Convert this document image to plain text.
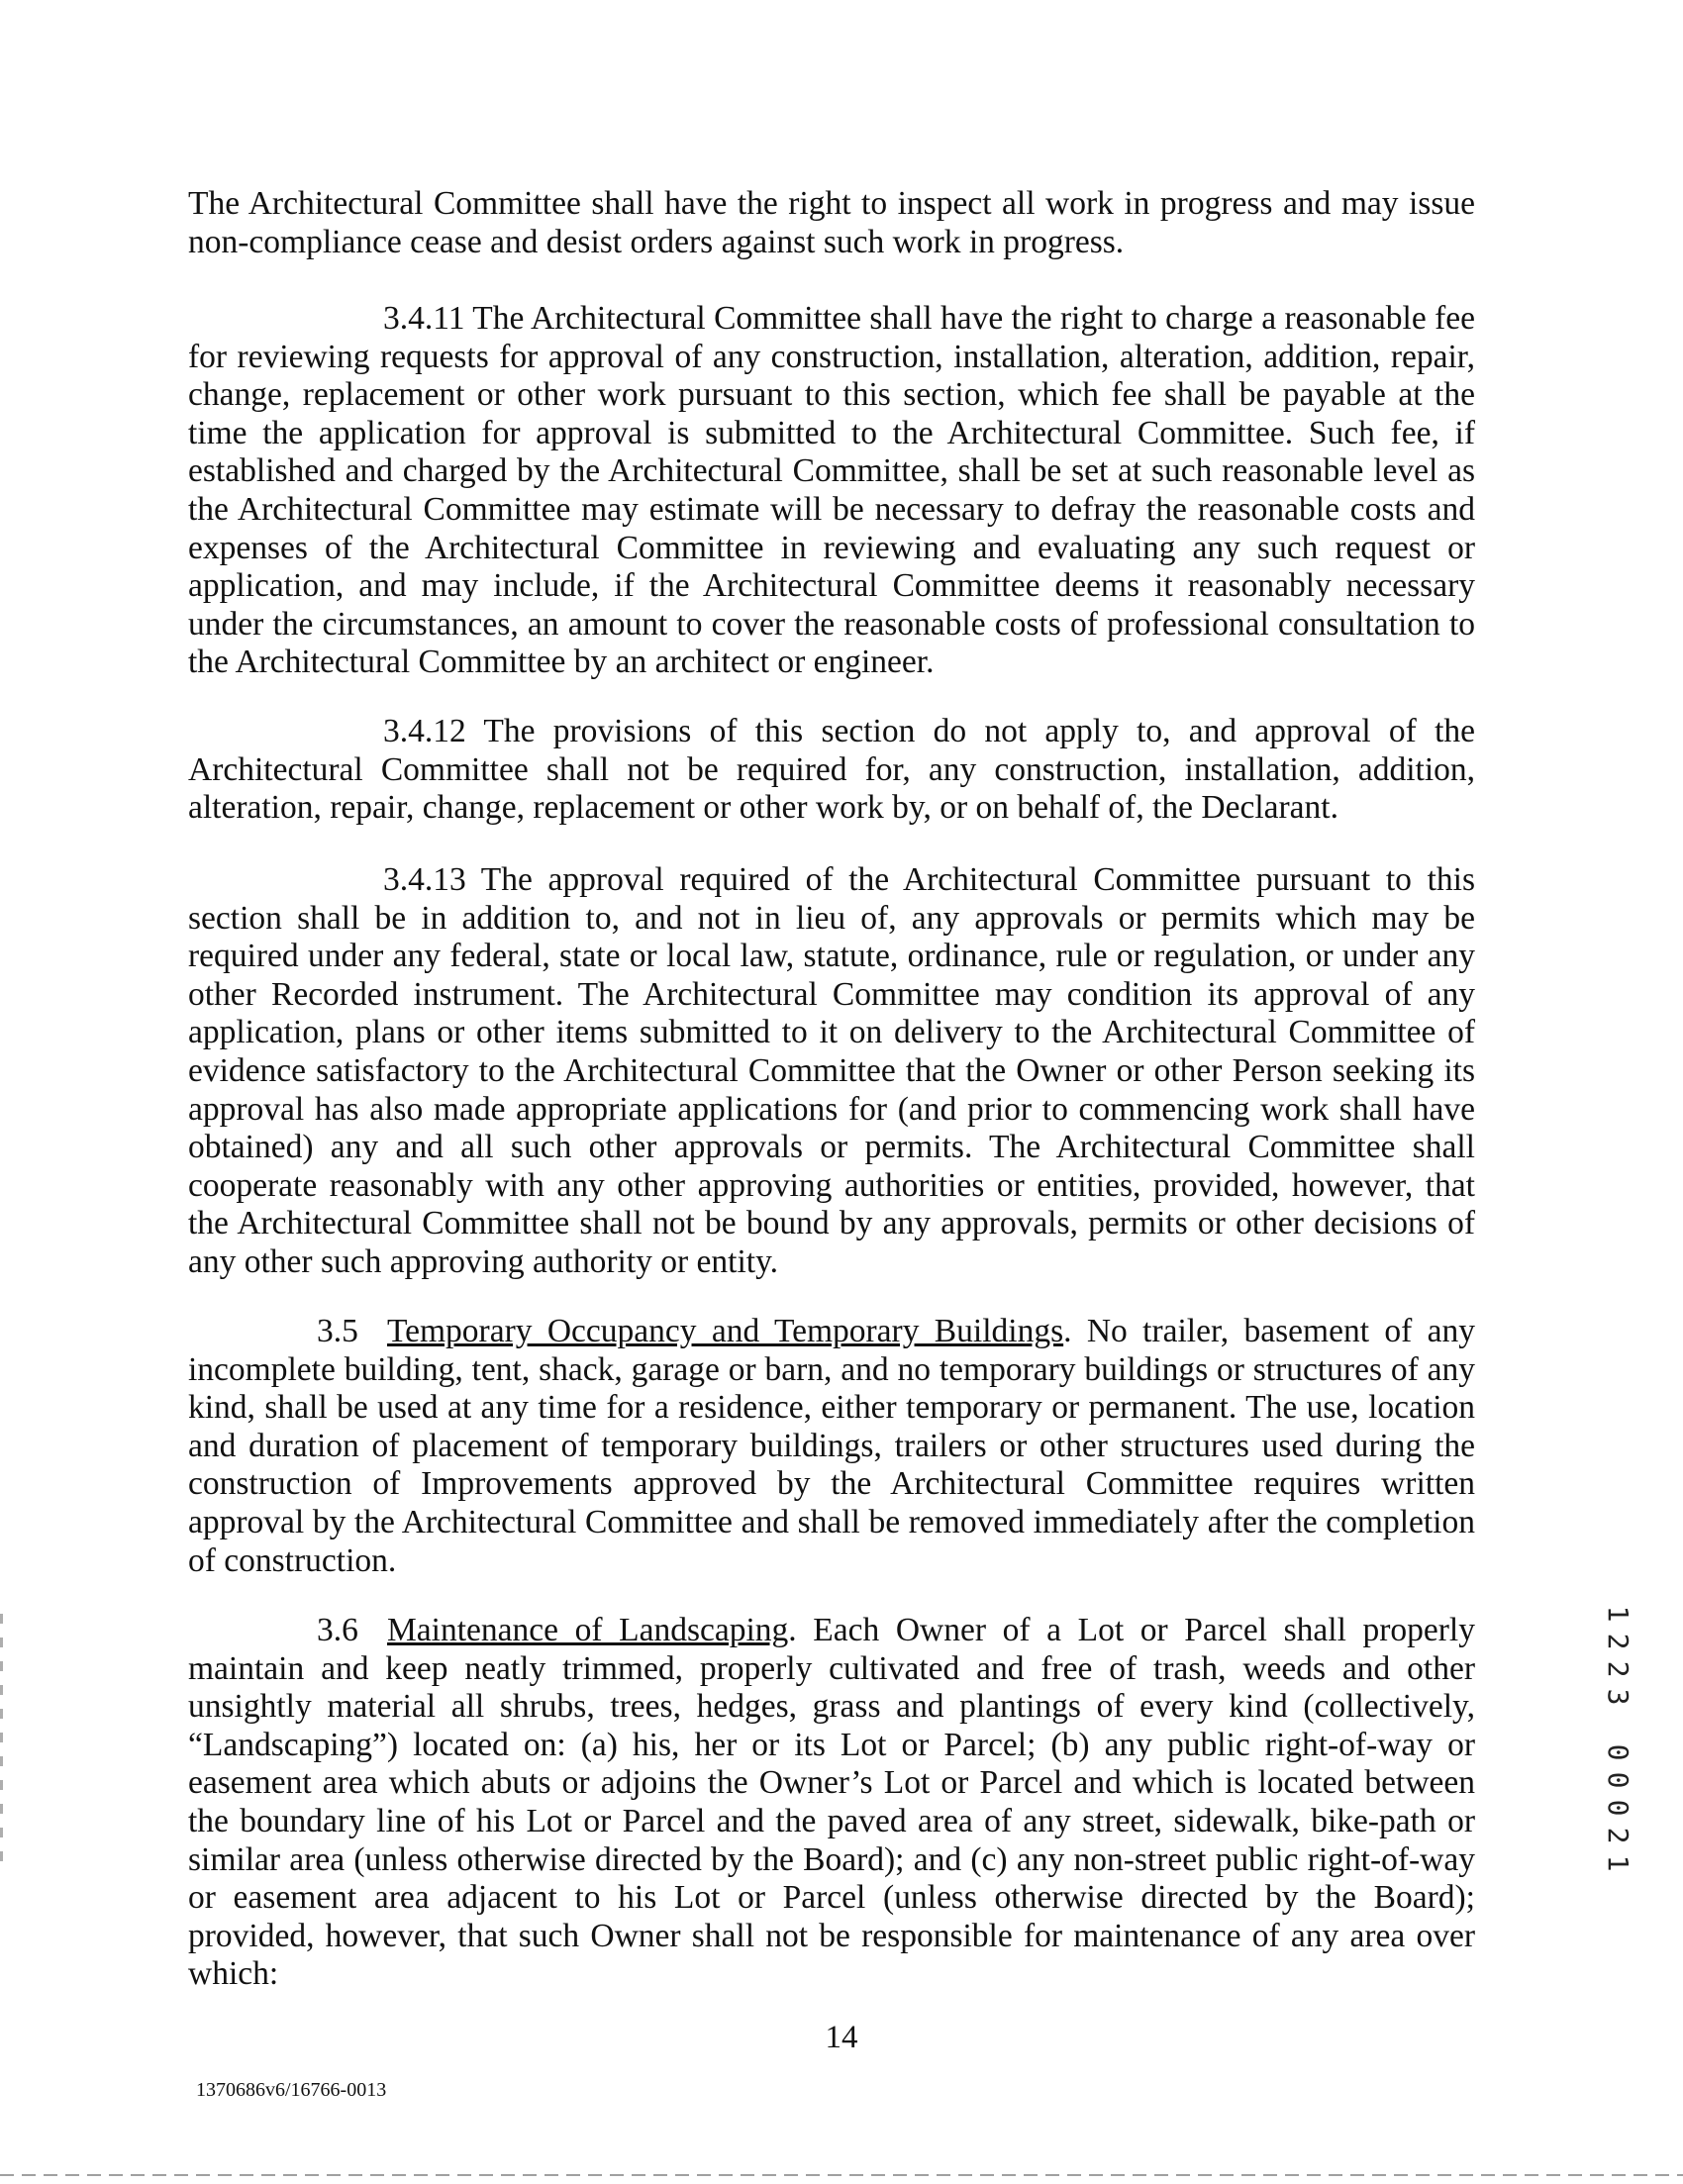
The Architectural Committee shall have the right to inspect all work in progress and may issue non-compliance cease and desist orders against such work in progress.

3.4.11 The Architectural Committee shall have the right to charge a reasonable fee for reviewing requests for approval of any construction, installation, alteration, addition, repair, change, replacement or other work pursuant to this section, which fee shall be payable at the time the application for approval is submitted to the Architectural Committee. Such fee, if established and charged by the Architectural Committee, shall be set at such reasonable level as the Architectural Committee may estimate will be necessary to defray the reasonable costs and expenses of the Architectural Committee in reviewing and evaluating any such request or application, and may include, if the Architectural Committee deems it reasonably necessary under the circumstances, an amount to cover the reasonable costs of professional consultation to the Architectural Committee by an architect or engineer.

3.4.12 The provisions of this section do not apply to, and approval of the Architectural Committee shall not be required for, any construction, installation, addition, alteration, repair, change, replacement or other work by, or on behalf of, the Declarant.

3.4.13 The approval required of the Architectural Committee pursuant to this section shall be in addition to, and not in lieu of, any approvals or permits which may be required under any federal, state or local law, statute, ordinance, rule or regulation, or under any other Recorded instrument. The Architectural Committee may condition its approval of any application, plans or other items submitted to it on delivery to the Architectural Committee of evidence satisfactory to the Architectural Committee that the Owner or other Person seeking its approval has also made appropriate applications for (and prior to commencing work shall have obtained) any and all such other approvals or permits. The Architectural Committee shall cooperate reasonably with any other approving authorities or entities, provided, however, that the Architectural Committee shall not be bound by any approvals, permits or other decisions of any other such approving authority or entity.

3.5 Temporary Occupancy and Temporary Buildings. No trailer, basement of any incomplete building, tent, shack, garage or barn, and no temporary buildings or structures of any kind, shall be used at any time for a residence, either temporary or permanent. The use, location and duration of placement of temporary buildings, trailers or other structures used during the construction of Improvements approved by the Architectural Committee requires written approval by the Architectural Committee and shall be removed immediately after the completion of construction.

3.6 Maintenance of Landscaping. Each Owner of a Lot or Parcel shall properly maintain and keep neatly trimmed, properly cultivated and free of trash, weeds and other unsightly material all shrubs, trees, hedges, grass and plantings of every kind (collectively, “Landscaping”) located on: (a) his, her or its Lot or Parcel; (b) any public right-of-way or easement area which abuts or adjoins the Owner’s Lot or Parcel and which is located between the boundary line of his Lot or Parcel and the paved area of any street, sidewalk, bike-path or similar area (unless otherwise directed by the Board); and (c) any non-street public right-of-way or easement area adjacent to his Lot or Parcel (unless otherwise directed by the Board); provided, however, that such Owner shall not be responsible for maintenance of any area over which:

14

1370686v6/16766-0013

1
2
2
3
0
0
0
2
1
